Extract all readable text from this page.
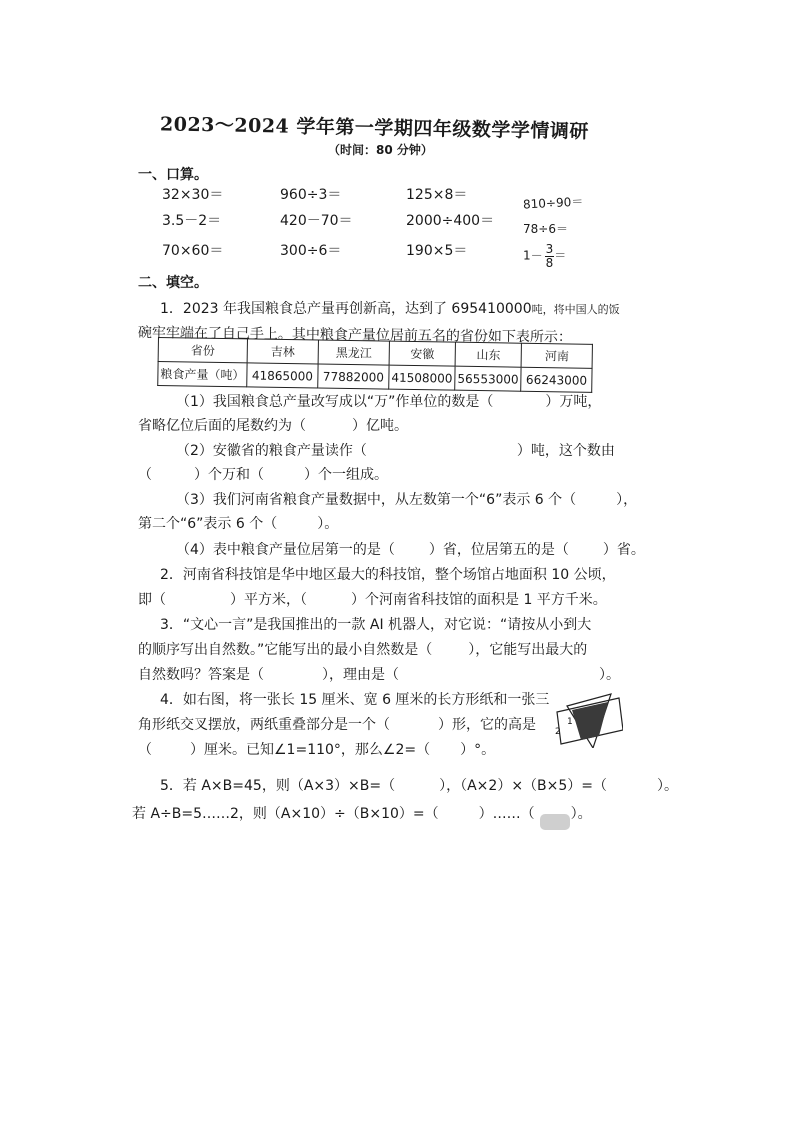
2023～2024 学年第一学期四年级数学学情调研
（时间：80 分钟）
一、口算。
32×30＝	960÷3＝	125×8＝	810÷90＝
3.5－2＝	420－70＝	2000÷400＝ 78÷6＝
70×60＝	300÷6＝	190×5＝	$1- \frac{3}{8}$ ＝
二、填空。
1．2023 年我国粮食总产量再创新高，达到了 695410000吨，将中国人的饭
碗牢牢端在了自己手上。其中粮食产量位居前五名的省份如下表所示：
省份	吉林	黑龙江	安徽	山东	河南
粮食产量（吨）	41865000	77882000	41508000	56553000	66243000
（1）我国粮食总产量改写成以“万”作单位的数是（	）万吨，
省略亿位后面的尾数约为（	）亿吨。
（2）安徽省的粮食产量读作（	）吨，这个数由
（	）个万和（	）个一组成。
（3）我们河南省粮食产量数据中，从左数第一个“6”表示 6 个（	），
第二个“6”表示 6 个（	）。
（4）表中粮食产量位居第一的是（ ）省，位居第五的是（ ）省。
2．河南省科技馆是华中地区最大的科技馆，整个场馆占地面积 10 公顷，
即（	）平方米，（	）个河南省科技馆的面积是 1 平方千米。
3．“文心一言”是我国推出的一款 AI 机器人，对它说：“请按从小到大
的顺序写出自然数。”它能写出的最小自然数是（	），它能写出最大的
自然数吗？答案是（	），理由是（	）。
4．如右图，将一张长 15 厘米、宽 6 厘米的长方形纸和一张三
角形纸交叉摆放，两纸重叠部分是一个（	）形，它的高是
（	）厘米。已知∠1=110°，那么∠2=（ ）°。
1
2
5．若 A×B=45，则（A×3）×B=（	），（A×2）×（B×5）=（	）。
若 A÷B=5……2，则（A×10）÷（B×10）=（	）……（	）。
